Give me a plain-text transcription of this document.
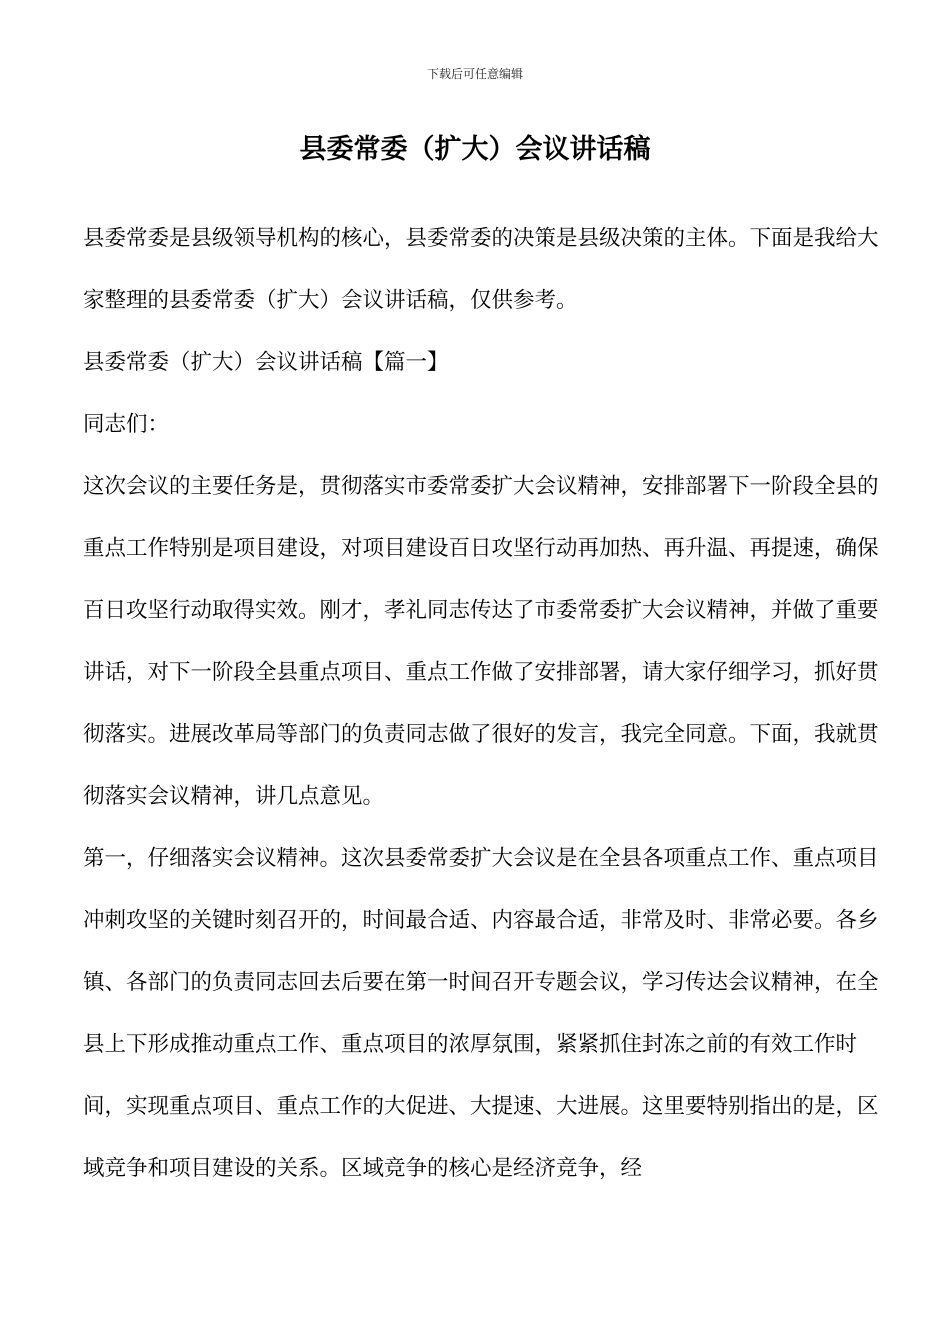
下载后可任意编辑
县委常委（扩大）会议讲话稿

县委常委是县级领导机构的核心，县委常委的决策是县级决策的主体。下面是我给大家整理的县委常委（扩大）会议讲话稿，仅供参考。

县委常委（扩大）会议讲话稿【篇一】

同志们：

这次会议的主要任务是，贯彻落实市委常委扩大会议精神，安排部署下一阶段全县的重点工作特别是项目建设，对项目建设百日攻坚行动再加热、再升温、再提速，确保百日攻坚行动取得实效。刚才，孝礼同志传达了市委常委扩大会议精神，并做了重要讲话，对下一阶段全县重点项目、重点工作做了安排部署，请大家仔细学习，抓好贯彻落实。进展改革局等部门的负责同志做了很好的发言，我完全同意。下面，我就贯彻落实会议精神，讲几点意见。

第一，仔细落实会议精神。这次县委常委扩大会议是在全县各项重点工作、重点项目冲刺攻坚的关键时刻召开的，时间最合适、内容最合适，非常及时、非常必要。各乡镇、各部门的负责同志回去后要在第一时间召开专题会议，学习传达会议精神，在全县上下形成推动重点工作、重点项目的浓厚氛围，紧紧抓住封冻之前的有效工作时间，实现重点项目、重点工作的大促进、大提速、大进展。这里要特别指出的是，区域竞争和项目建设的关系。区域竞争的核心是经济竞争，经
